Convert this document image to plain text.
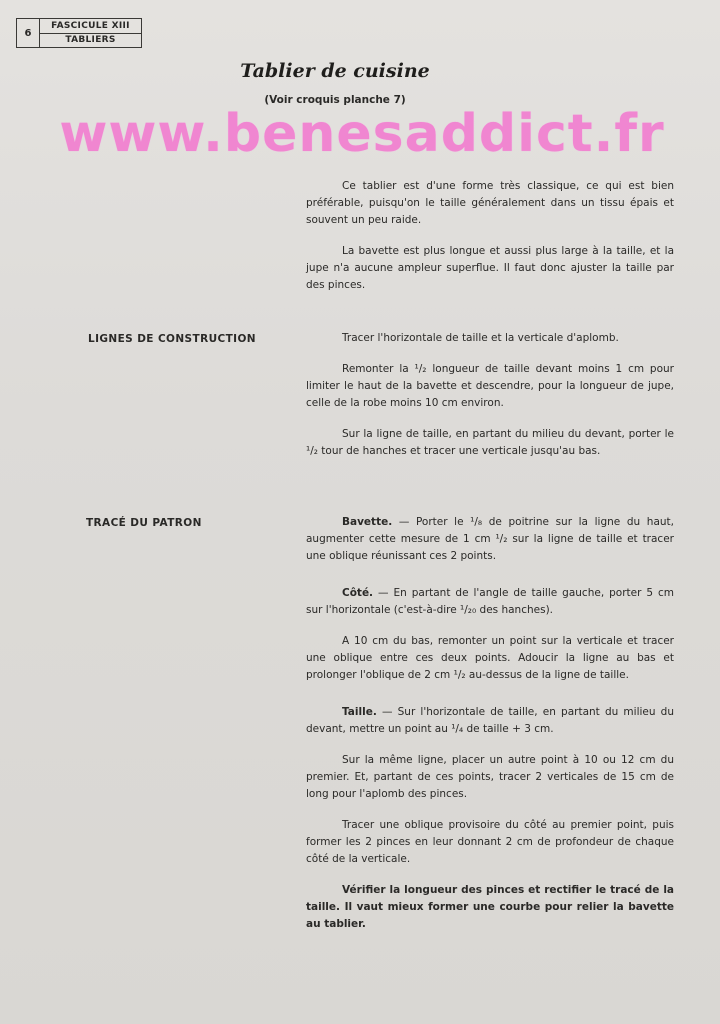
6
FASCICULE XIII
TABLIERS
Tablier de cuisine
(Voir croquis planche 7)
www.benesaddict.fr

Ce tablier est d'une forme très classique, ce qui est bien préférable, puisqu'on le taille généralement dans un tissu épais et souvent un peu raide.

La bavette est plus longue et aussi plus large à la taille, et la jupe n'a aucune ampleur superflue. Il faut donc ajuster la taille par des pinces.

LIGNES DE CONSTRUCTION	Tracer l'horizontale de taille et la verticale d'aplomb.

Remonter la ¹/₂ longueur de taille devant moins 1 cm pour limiter le haut de la bavette et descendre, pour la longueur de jupe, celle de la robe moins 10 cm environ.

Sur la ligne de taille, en partant du milieu du devant, porter le ¹/₂ tour de hanches et tracer une verticale jusqu'au bas.

TRACÉ DU PATRON	Bavette. — Porter le ¹/₈ de poitrine sur la ligne du haut, augmenter cette mesure de 1 cm ¹/₂ sur la ligne de taille et tracer une oblique réunissant ces 2 points.

Côté. — En partant de l'angle de taille gauche, porter 5 cm sur l'horizontale (c'est-à-dire ¹/₂₀ des hanches).

A 10 cm du bas, remonter un point sur la verticale et tracer une oblique entre ces deux points. Adoucir la ligne au bas et prolonger l'oblique de 2 cm ¹/₂ au-dessus de la ligne de taille.

Taille. — Sur l'horizontale de taille, en partant du milieu du devant, mettre un point au ¹/₄ de taille + 3 cm.

Sur la même ligne, placer un autre point à 10 ou 12 cm du premier. Et, partant de ces points, tracer 2 verticales de 15 cm de long pour l'aplomb des pinces.

Tracer une oblique provisoire du côté au premier point, puis former les 2 pinces en leur donnant 2 cm de profondeur de chaque côté de la verticale.

Vérifier la longueur des pinces et rectifier le tracé de la taille. Il vaut mieux former une courbe pour relier la bavette au tablier.
